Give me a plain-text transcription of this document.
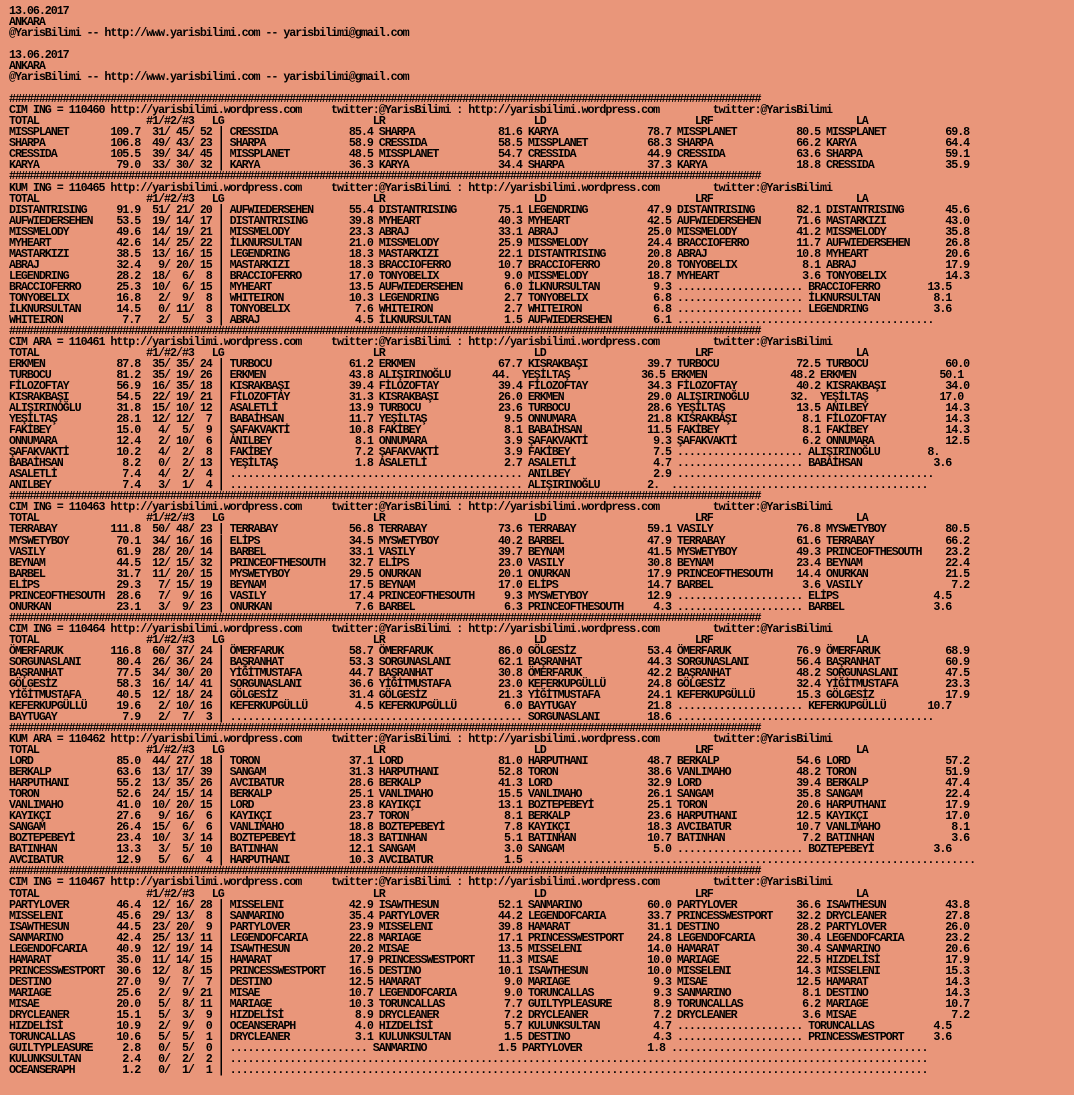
13.06.2017
ANKARA
@YarisBilimi -- http://www.yarisbilimi.com -- yarisbilimi@gmail.com
13.06.2017
ANKARA
@YarisBilimi -- http://www.yarisbilimi.com -- yarisbilimi@gmail.com
##############################################################################################################################
CIM ING = 110460 http://yarisbilimi.wordpress.com     twitter:@YarisBilimi : http://yarisbilimi.wordpress.com         twitter:@YarisBilimi
TOTAL                  #1/#2/#3   LG                         LR                         LD                         LRF                        LA
MISSPLANET       109.7  31/ 45/ 52 | CRESSIDA            85.4 SHARPA              81.6 KARYA               78.7 MISSPLANET          80.5 MISSPLANET          69.8
SHARPA           106.8  49/ 43/ 23 | SHARPA              58.9 CRESSIDA            58.5 MISSPLANET          68.3 SHARPA              66.2 KARYA               64.4
CRESSIDA         105.5  39/ 34/ 45 | MISSPLANET          48.5 MISSPLANET          54.7 CRESSIDA            44.9 CRESSIDA            63.6 SHARPA              59.1
KARYA             79.0  33/ 30/ 32 | KARYA               36.3 KARYA               34.4 SHARPA              37.3 KARYA               18.8 CRESSIDA            35.9
##############################################################################################################################
KUM ING = 110465 http://yarisbilimi.wordpress.com     twitter:@YarisBilimi : http://yarisbilimi.wordpress.com         twitter:@YarisBilimi
TOTAL                  #1/#2/#3   LG                         LR                         LD                         LRF                        LA
DISTANTRISING     91.9  51/ 21/ 20 | AUFWIEDERSEHEN      55.4 DISTANTRISING       75.1 LEGENDRING          47.9 DISTANTRISING       82.1 DISTANTRISING       45.6
AUFWIEDERSEHEN    53.5  19/ 14/ 17 | DISTANTRISING       39.8 MYHEART             40.3 MYHEART             42.5 AUFWIEDERSEHEN      71.6 MASTARKIZI          43.0
MISSMELODY        49.6  14/ 19/ 21 | MISSMELODY          23.3 ABRAJ               33.1 ABRAJ               25.0 MISSMELODY          41.2 MISSMELODY          35.8
MYHEART           42.6  14/ 25/ 22 | İLKNURSULTAN        21.0 MISSMELODY          25.9 MISSMELODY          24.4 BRACCIOFERRO        11.7 AUFWIEDERSEHEN      26.8
MASTARKIZI        38.5  13/ 16/ 15 | LEGENDRING          18.3 MASTARKIZI          22.1 DISTANTRISING       20.8 ABRAJ               10.8 MYHEART             20.6
ABRAJ             32.4   9/ 20/ 15 | MASTARKIZI          18.3 BRACCIOFERRO        10.7 BRACCIOFERRO        20.8 TONYOBELIX           8.1 ABRAJ               17.9
LEGENDRING        28.2  18/  6/  8 | BRACCIOFERRO        17.0 TONYOBELIX           9.0 MISSMELODY          18.7 MYHEART              3.6 TONYOBELIX          14.3
BRACCIOFERRO      25.3  10/  6/ 15 | MYHEART             13.5 AUFWIEDERSEHEN       6.0 İLKNURSULTAN         9.3 ..................... BRACCIOFERRO        13.5
TONYOBELIX        16.8   2/  9/  8 | WHITEIRON           10.3 LEGENDRING           2.7 TONYOBELIX           6.8 ..................... İLKNURSULTAN         8.1
İLKNURSULTAN      14.5   0/ 11/  8 | TONYOBELIX           7.6 WHITEIRON            2.7 WHITEIRON            6.8 ..................... LEGENDRING           3.6
WHITEIRON          7.7   2/  5/  3 | ABRAJ                4.5 İLKNURSULTAN         1.5 AUFWIEDERSEHEN       6.1 ...........................................
##############################################################################################################################
CIM ARA = 110461 http://yarisbilimi.wordpress.com     twitter:@YarisBilimi : http://yarisbilimi.wordpress.com         twitter:@YarisBilimi
TOTAL                  #1/#2/#3   LG                         LR                         LD                         LRF                        LA
ERKMEN            87.8  35/ 35/ 24 | TURBOCU             61.2 ERKMEN              67.7 KISRAKBAŞI          39.7 TURBOCU             72.5 TURBOCU             60.0
TURBOCU           81.2  35/ 19/ 26 | ERKMEN              43.8 ALIŞIRINOĞLU       44.  YEŞİLTAŞ            36.5 ERKMEN              48.2 ERKMEN              50.1
FİLOZOFTAY        56.9  16/ 35/ 18 | KISRAKBAŞI          39.4 FİLOZOFTAY          39.4 FİLOZOFTAY          34.3 FİLOZOFTAY          40.2 KISRAKBAŞI          34.0
KISRAKBAŞI        54.5  22/ 19/ 21 | FİLOZOFTAY          31.3 KISRAKBAŞI          26.0 ERKMEN              29.0 ALIŞIRINOĞLU       32.  YEŞİLTAŞ            17.0
ALIŞIRINOĞLU      31.8  15/ 10/ 12 | ASALETLİ            13.9 TURBOCU             23.6 TURBOCU             28.6 YEŞİLTAŞ            13.5 ANILBEY             14.3
YEŞİLTAŞ          28.1  12/ 12/  7 | BABAİHSAN           11.7 YEŞİLTAŞ             9.5 ONNUMARA            21.8 KISRAKBAŞI           8.1 FİLOZOFTAY          14.3
FAKİBEY           15.0   4/  5/  9 | ŞAFAKVAKTİ          10.8 FAKİBEY              8.1 BABAİHSAN           11.5 FAKİBEY              8.1 FAKİBEY             14.3
ONNUMARA          12.4   2/ 10/  6 | ANILBEY              8.1 ONNUMARA             3.9 ŞAFAKVAKTİ           9.3 ŞAFAKVAKTİ           6.2 ONNUMARA            12.5
ŞAFAKVAKTİ        10.2   4/  2/  8 | FAKİBEY              7.2 ŞAFAKVAKTİ           3.9 FAKİBEY              7.5 ..................... ALIŞIRINOĞLU        8.
BABAİHSAN          8.2   0/  2/ 13 | YEŞİLTAŞ             1.8 ASALETLİ             2.7 ASALETLİ             4.7 ..................... BABAİHSAN            3.6
ASALETLİ           7.4   4/  2/  4 | ................................................. ANILBEY              2.9 ...........................................
ANILBEY            7.4   3/  1/  4 | ................................................. ALIŞIRINOĞLU        2.  ...........................................
##############################################################################################################################
CIM ING = 110463 http://yarisbilimi.wordpress.com     twitter:@YarisBilimi : http://yarisbilimi.wordpress.com         twitter:@YarisBilimi
TOTAL                  #1/#2/#3   LG                         LR                         LD                         LRF                        LA
TERRABAY         111.8  50/ 48/ 23 | TERRABAY            56.8 TERRABAY            73.6 TERRABAY            59.1 VASILY              76.8 MYSWETYBOY          80.5
MYSWETYBOY        70.1  34/ 16/ 16 | ELİPS               34.5 MYSWETYBOY          40.2 BARBEL              47.9 TERRABAY            61.6 TERRABAY            66.2
VASILY            61.9  28/ 20/ 14 | BARBEL              33.1 VASILY              39.7 BEYNAM              41.5 MYSWETYBOY          49.3 PRINCEOFTHESOUTH    23.2
BEYNAM            44.5  12/ 15/ 32 | PRINCEOFTHESOUTH    32.7 ELİPS               23.0 VASILY              30.8 BEYNAM              23.4 BEYNAM              22.4
BARBEL            31.7  11/ 20/ 15 | MYSWETYBOY          29.5 ONURKAN             20.1 ONURKAN             17.9 PRINCEOFTHESOUTH    14.4 ONURKAN             21.5
ELİPS             29.3   7/ 15/ 19 | BEYNAM              17.5 BEYNAM              17.0 ELİPS               14.7 BARBEL               3.6 VASILY               7.2
PRINCEOFTHESOUTH  28.6   7/  9/ 16 | VASILY              17.4 PRINCEOFTHESOUTH     9.3 MYSWETYBOY          12.9 ..................... ELİPS                4.5
ONURKAN           23.1   3/  9/ 23 | ONURKAN              7.6 BARBEL               6.3 PRINCEOFTHESOUTH     4.3 ..................... BARBEL               3.6
##############################################################################################################################
CIM ING = 110464 http://yarisbilimi.wordpress.com     twitter:@YarisBilimi : http://yarisbilimi.wordpress.com         twitter:@YarisBilimi
TOTAL                  #1/#2/#3   LG                         LR                         LD                         LRF                        LA
ÖMERFARUK        116.8  60/ 37/ 24 | ÖMERFARUK           58.7 ÖMERFARUK           86.0 GÖLGESİZ            53.4 ÖMERFARUK           76.9 ÖMERFARUK           68.9
SORGUNASLANI      80.4  26/ 36/ 24 | BAŞRANHAT           53.3 SORGUNASLANI        62.1 BAŞRANHAT           44.3 SORGUNASLANI        56.4 BAŞRANHAT           60.9
BAŞRANHAT         77.5  34/ 30/ 20 | YİĞİTMUSTAFA        44.7 BAŞRANHAT           30.8 ÖMERFARUK           42.2 BAŞRANHAT           48.2 SORGUNASLANI        47.5
GÖLGESİZ          58.3  16/ 14/ 41 | SORGUNASLANI        36.6 YİĞİTMUSTAFA        23.0 KEFERKUPGÜLLÜ       24.8 GÖLGESİZ            32.4 YİĞİTMUSTAFA        23.3
YİĞİTMUSTAFA      40.5  12/ 18/ 24 | GÖLGESİZ            31.4 GÖLGESİZ            21.3 YİĞİTMUSTAFA        24.1 KEFERKUPGÜLLÜ       15.3 GÖLGESİZ            17.9
KEFERKUPGÜLLÜ     19.6   2/ 10/ 16 | KEFERKUPGÜLLÜ        4.5 KEFERKUPGÜLLÜ        6.0 BAYTUGAY            21.8 ..................... KEFERKUPGÜLLÜ       10.7
BAYTUGAY           7.9   2/  7/  3 | ................................................. SORGUNASLANI        18.6 ...........................................
##############################################################################################################################
KUM ARA = 110462 http://yarisbilimi.wordpress.com     twitter:@YarisBilimi : http://yarisbilimi.wordpress.com         twitter:@YarisBilimi
TOTAL                  #1/#2/#3   LG                         LR                         LD                         LRF                        LA
LORD              85.0  44/ 27/ 18 | TORON               37.1 LORD                81.0 HARPUTHANI          48.7 BERKALP             54.6 LORD                57.2
BERKALP           63.6  13/ 17/ 39 | SANGAM              31.3 HARPUTHANI          52.8 TORON               38.6 VANLIMAHO           48.2 TORON               51.9
HARPUTHANI        55.2  13/ 35/ 26 | AVCIBATUR           28.6 BERKALP             41.3 LORD                32.9 LORD                39.4 BERKALP             47.4
TORON             52.6  24/ 15/ 14 | BERKALP             25.1 VANLIMAHO           15.5 VANLIMAHO           26.1 SANGAM              35.8 SANGAM              22.4
VANLIMAHO         41.0  10/ 20/ 15 | LORD                23.8 KAYIKÇI             13.1 BOZTEPEBEYİ         25.1 TORON               20.6 HARPUTHANI          17.9
KAYIKÇI           27.6   9/ 16/  6 | KAYIKÇI             23.7 TORON                8.1 BERKALP             23.6 HARPUTHANI          12.5 KAYIKÇI             17.0
SANGAM            26.4  15/  6/  6 | VANLIMAHO           18.8 BOZTEPEBEYİ          7.8 KAYIKÇI             18.3 AVCIBATUR           10.7 VANLIMAHO            8.1
BOZTEPEBEYİ       23.4  10/  3/ 14 | BOZTEPEBEYİ         18.3 BATINHAN             5.1 BATINHAN            10.7 BATINHAN             7.2 BATINHAN             3.6
BATINHAN          13.3   3/  5/ 10 | BATINHAN            12.1 SANGAM               3.0 SANGAM               5.0 ..................... BOZTEPEBEYİ          3.6
AVCIBATUR         12.9   5/  6/  4 | HARPUTHANI          10.3 AVCIBATUR            1.5 ...........................................................................
##############################################################################################################################
CIM ING = 110467 http://yarisbilimi.wordpress.com     twitter:@YarisBilimi : http://yarisbilimi.wordpress.com         twitter:@YarisBilimi
TOTAL                  #1/#2/#3   LG                         LR                         LD                         LRF                        LA
PARTYLOVER        46.4  12/ 16/ 28 | MISSELENI           42.9 ISAWTHESUN          52.1 SANMARINO           60.0 PARTYLOVER          36.6 ISAWTHESUN          43.8
MISSELENI         45.6  29/ 13/  8 | SANMARINO           35.4 PARTYLOVER          44.2 LEGENDOFCARIA       33.7 PRINCESSWESTPORT    32.2 DRYCLEANER          27.8
ISAWTHESUN        44.5  23/ 20/  9 | PARTYLOVER          23.9 MISSELENI           39.8 HAMARAT             31.1 DESTINO             28.2 PARTYLOVER          26.0
SANMARINO         42.4  25/ 13/ 11 | LEGENDOFCARIA       22.8 MARIAGE             17.1 PRINCESSWESTPORT    24.8 LEGENDOFCARIA       30.4 LEGENDOFCARIA       23.2
LEGENDOFCARIA     40.9  12/ 19/ 14 | ISAWTHESUN          20.2 MISAE               13.5 MISSELENI           14.0 HAMARAT             30.4 SANMARINO           20.6
HAMARAT           35.0  11/ 14/ 15 | HAMARAT             17.9 PRINCESSWESTPORT    11.3 MISAE               10.0 MARIAGE             22.5 HIZDELİSİ           17.9
PRINCESSWESTPORT  30.6  12/  8/ 15 | PRINCESSWESTPORT    16.5 DESTINO             10.1 ISAWTHESUN          10.0 MISSELENI           14.3 MISSELENI           15.3
DESTINO           27.0   9/  7/  7 | DESTINO             12.5 HAMARAT              9.0 MARIAGE              9.3 MISAE               12.5 HAMARAT             14.3
MARIAGE           25.6   2/  9/ 21 | MISAE               10.7 LEGENDOFCARIA        9.0 TORUNCALLAS          9.3 SANMARINO            8.1 DESTINO             14.3
MISAE             20.0   5/  8/ 11 | MARIAGE             10.3 TORUNCALLAS          7.7 GUILTYPLEASURE       8.9 TORUNCALLAS          6.2 MARIAGE             10.7
DRYCLEANER        15.1   5/  3/  9 | HIZDELİSİ            8.9 DRYCLEANER           7.2 DRYCLEANER           7.2 DRYCLEANER           3.6 MISAE                7.2
HIZDELİSİ         10.9   2/  9/  0 | OCEANSERAPH          4.0 HIZDELİSİ            5.7 KULUNKSULTAN         4.7 ..................... TORUNCALLAS          4.5
TORUNCALLAS       10.6   5/  5/  1 | DRYCLEANER           3.1 KULUNKSULTAN         1.5 DESTINO              4.3 ..................... PRINCESSWESTPORT     3.6
GUILTYPLEASURE     2.8   0/  5/  0 | ....................... SANMARINO            1.5 PARTYLOVER           1.8 ...........................................
KULUNKSULTAN       2.4   0/  2/  2 | .....................................................................................................................
OCEANSERAPH        1.2   0/  1/  1 | .....................................................................................................................
